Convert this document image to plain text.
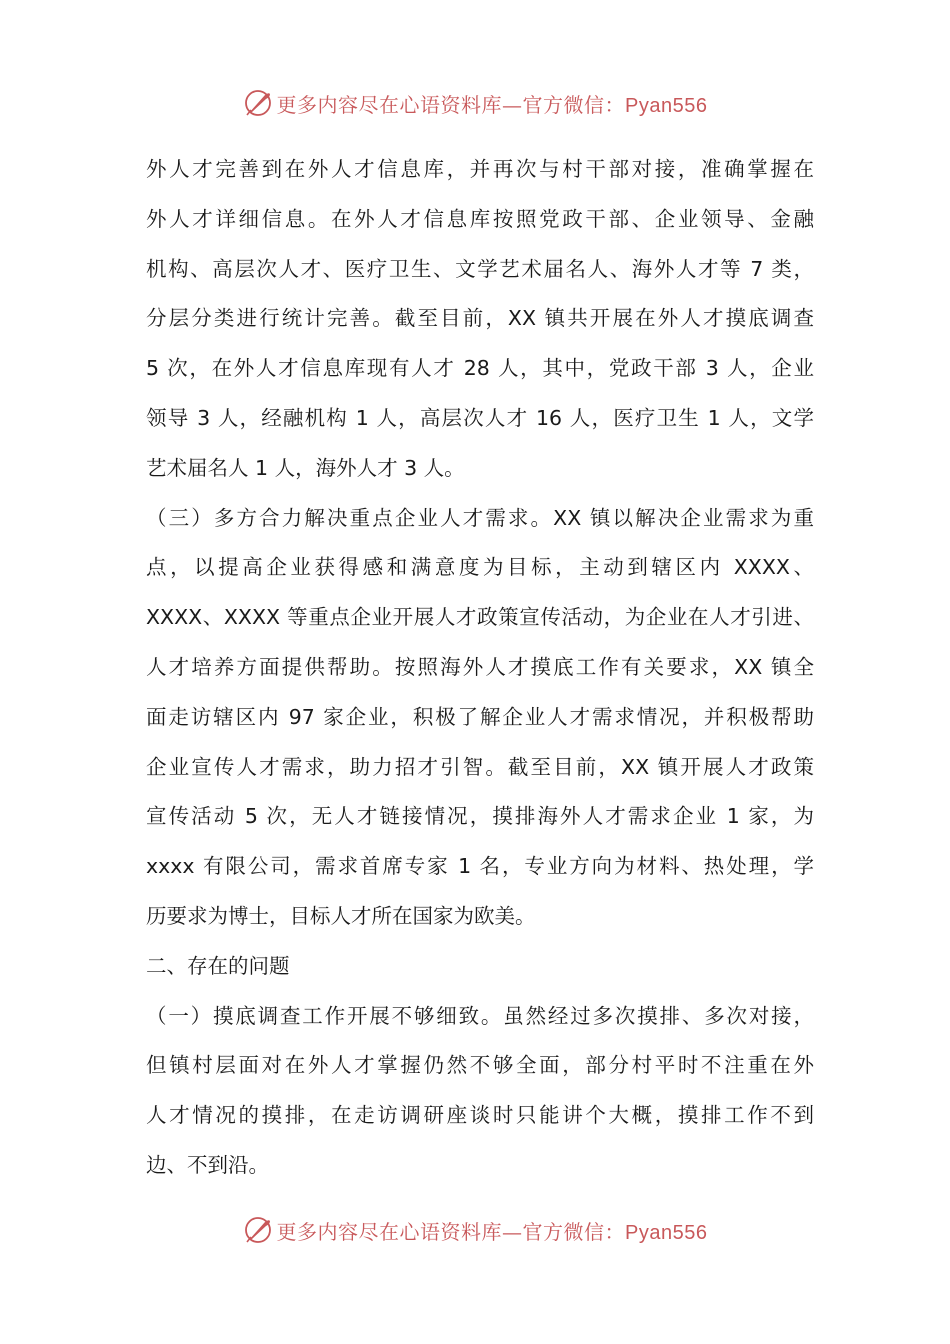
更多内容尽在心语资料库—官方微信：Pyan556
外人才完善到在外人才信息库，并再次与村干部对接，准确掌握在
外人才详细信息。在外人才信息库按照党政干部、企业领导、金融
机构、高层次人才、医疗卫生、文学艺术届名人、海外人才等 7 类，
分层分类进行统计完善。截至目前，XX 镇共开展在外人才摸底调查
5 次，在外人才信息库现有人才 28 人，其中，党政干部 3 人，企业
领导 3 人，经融机构 1 人，高层次人才 16 人，医疗卫生 1 人，文学
艺术届名人 1 人，海外人才 3 人。
（三）多方合力解决重点企业人才需求。XX 镇以解决企业需求为重
点，以提高企业获得感和满意度为目标，主动到辖区内 XXXX、
XXXX、XXXX 等重点企业开展人才政策宣传活动，为企业在人才引进、
人才培养方面提供帮助。按照海外人才摸底工作有关要求，XX 镇全
面走访辖区内 97 家企业，积极了解企业人才需求情况，并积极帮助
企业宣传人才需求，助力招才引智。截至目前，XX 镇开展人才政策
宣传活动 5 次，无人才链接情况，摸排海外人才需求企业 1 家，为
xxxx 有限公司，需求首席专家 1 名，专业方向为材料、热处理，学
历要求为博士，目标人才所在国家为欧美。
二、存在的问题
（一）摸底调查工作开展不够细致。虽然经过多次摸排、多次对接，
但镇村层面对在外人才掌握仍然不够全面，部分村平时不注重在外
人才情况的摸排，在走访调研座谈时只能讲个大概，摸排工作不到
边、不到沿。
更多内容尽在心语资料库—官方微信：Pyan556
